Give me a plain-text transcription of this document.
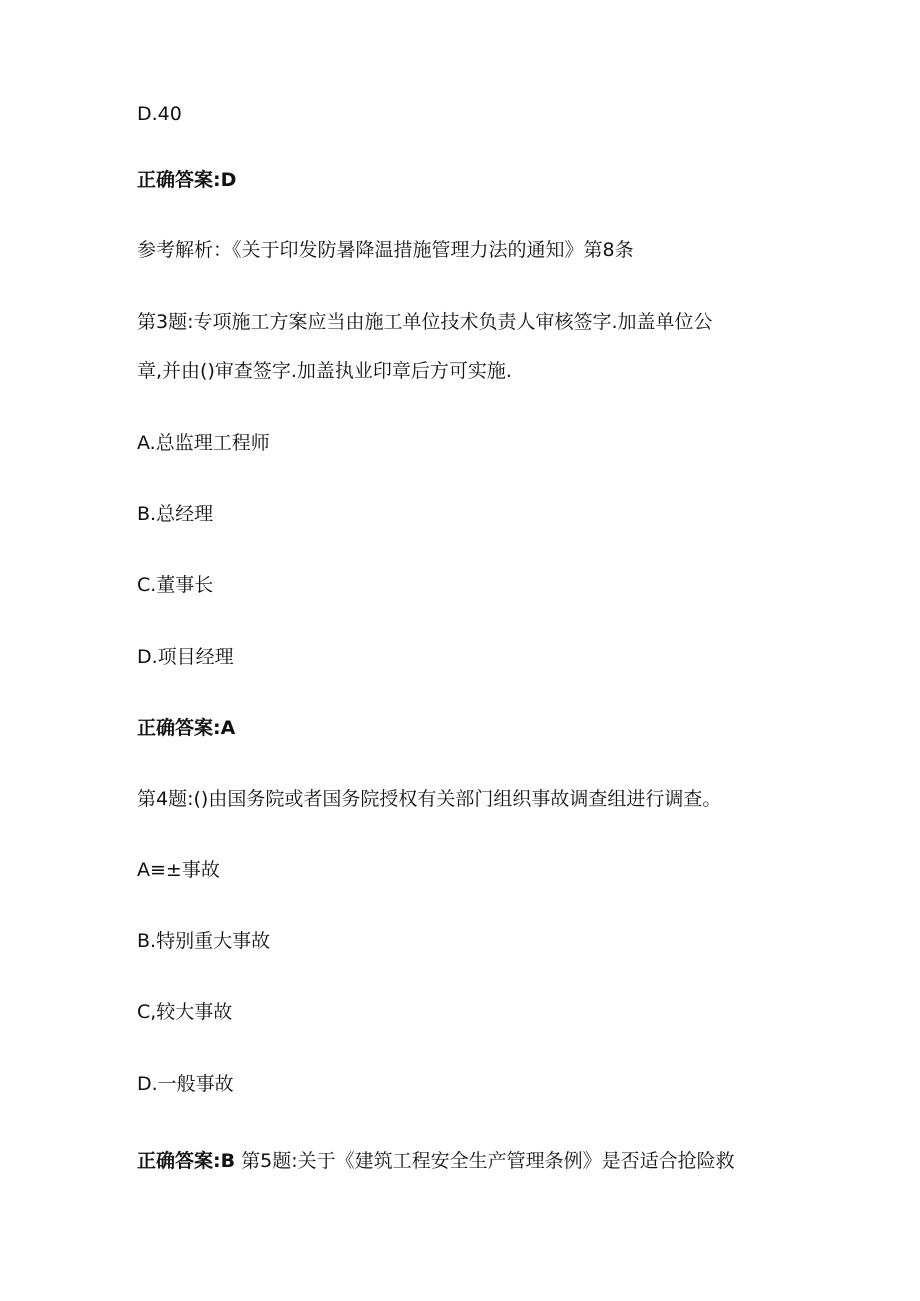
D.40
正确答案:D
参考解析：《关于印发防暑降温措施管理力法的通知》第8条
第3题:专项施工方案应当由施工单位技术负责人审核签字.加盖单位公
章,并由()审查签字.加盖执业印章后方可实施.
A.总监理工程师
B.总经理
C.董事长
D.项目经理
正确答案:A
第4题:()由国务院或者国务院授权有关部门组织事故调查组进行调查。
A≡±事故
B.特别重大事故
C,较大事故
D.一般事故
正确答案:B 第5题:关于《建筑工程安全生产管理条例》是否适合抢险救
